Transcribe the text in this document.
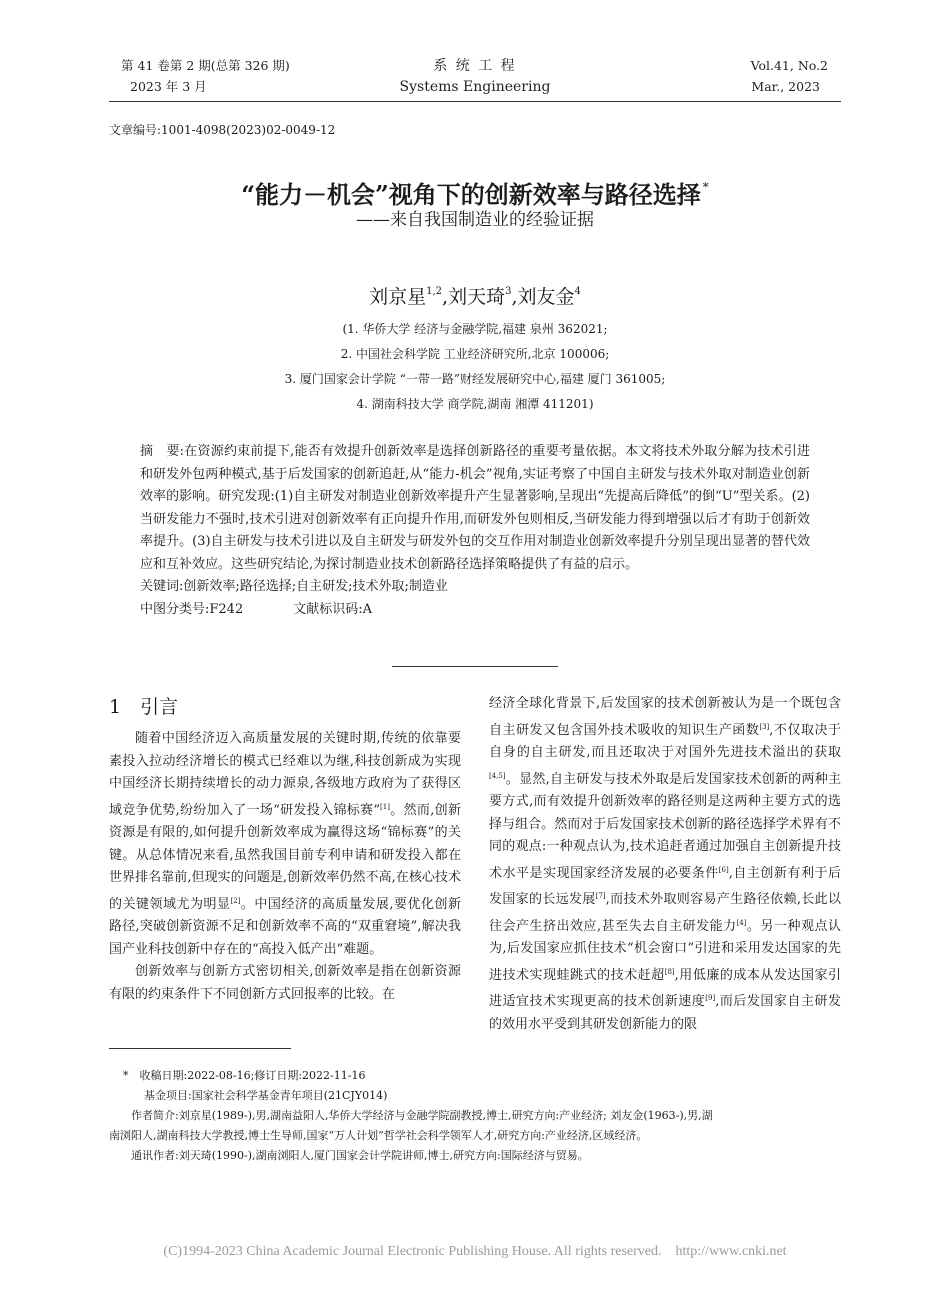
第 41 卷第 2 期(总第 326 期)
2023 年 3 月
系 统 工 程
Systems Engineering
Vol.41, No.2
Mar., 2023
文章编号:1001-4098(2023)02-0049-12
“能力－机会”视角下的创新效率与路径选择 *
——来自我国制造业的经验证据
刘京星$^{1,2}$,刘天琦$^3$,刘友金$^4$
(1. 华侨大学 经济与金融学院,福建 泉州 362021;
2. 中国社会科学院 工业经济研究所,北京 100006;
3. 厦门国家会计学院 “一带一路”财经发展研究中心,福建 厦门 361005;
4. 湖南科技大学 商学院,湖南 湘潭 411201)

摘　要:在资源约束前提下,能否有效提升创新效率是选择创新路径的重要考量依据。本文将技术外取分解为技术引进和研发外包两种模式,基于后发国家的创新追赶,从“能力-机会”视角,实证考察了中国自主研发与技术外取对制造业创新效率的影响。研究发现:(1)自主研发对制造业创新效率提升产生显著影响,呈现出“先提高后降低”的倒“U”型关系。(2)当研发能力不强时,技术引进对创新效率有正向提升作用,而研发外包则相反,当研发能力得到增强以后才有助于创新效率提升。(3)自主研发与技术引进以及自主研发与研发外包的交互作用对制造业创新效率提升分别呈现出显著的替代效应和互补效应。这些研究结论,为探讨制造业技术创新路径选择策略提供了有益的启示。

关键词:创新效率;路径选择;自主研发;技术外取;制造业

中图分类号:F242	文献标识码:A

1　引言

随着中国经济迈入高质量发展的关键时期,传统的依靠要素投入拉动经济增长的模式已经难以为继,科技创新成为实现中国经济长期持续增长的动力源泉,各级地方政府为了获得区域竞争优势,纷纷加入了一场“研发投入锦标赛”[1]。然而,创新资源是有限的,如何提升创新效率成为赢得这场“锦标赛”的关键。从总体情况来看,虽然我国目前专利申请和研发投入都在世界排名靠前,但现实的问题是,创新效率仍然不高,在核心技术的关键领域尤为明显[2]。中国经济的高质量发展,要优化创新路径,突破创新资源不足和创新效率不高的“双重窘境”,解决我国产业科技创新中存在的“高投入低产出”难题。

创新效率与创新方式密切相关,创新效率是指在创新资源有限的约束条件下不同创新方式回报率的比较。在

经济全球化背景下,后发国家的技术创新被认为是一个既包含自主研发又包含国外技术吸收的知识生产函数[3],不仅取决于自身的自主研发,而且还取决于对国外先进技术溢出的获取[4,5]。显然,自主研发与技术外取是后发国家技术创新的两种主要方式,而有效提升创新效率的路径则是这两种主要方式的选择与组合。然而对于后发国家技术创新的路径选择学术界有不同的观点:一种观点认为,技术追赶者通过加强自主创新提升技术水平是实现国家经济发展的必要条件[6],自主创新有利于后发国家的长远发展[7],而技术外取则容易产生路径依赖,长此以往会产生挤出效应,甚至失去自主研发能力[4]。另一种观点认为,后发国家应抓住技术“机会窗口”引进和采用发达国家的先进技术实现蛙跳式的技术赶超[8],用低廉的成本从发达国家引进适宜技术实现更高的技术创新速度[9],而后发国家自主研发的效用水平受到其研发创新能力的限

*　收稿日期:2022-08-16;修订日期:2022-11-16

基金项目:国家社会科学基金青年项目(21CJY014)

作者简介:刘京星(1989-),男,湖南益阳人,华侨大学经济与金融学院副教授,博士,研究方向:产业经济; 刘友金(1963-),男,湖

南浏阳人,湖南科技大学教授,博士生导师,国家“万人计划”哲学社会科学领军人才,研究方向:产业经济,区域经济。

通讯作者:刘天琦(1990-),湖南浏阳人,厦门国家会计学院讲师,博士,研究方向:国际经济与贸易。

(C)1994-2023 China Academic Journal Electronic Publishing House. All rights reserved.    http://www.cnki.net
